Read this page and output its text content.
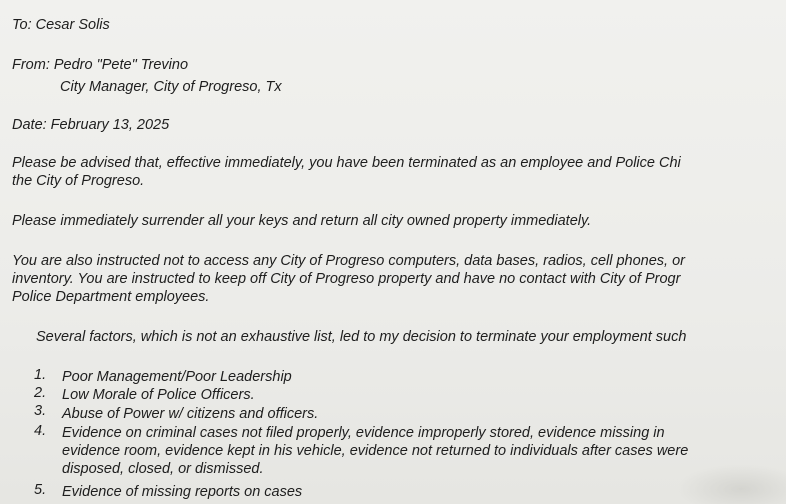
To: Cesar Solis

From: Pedro "Pete" Trevino

City Manager, City of Progreso, Tx

Date: February 13, 2025

Please be advised that, effective immediately, you have been terminated as an employee and Police Chi

the City of Progreso.

Please immediately surrender all your keys and return all city owned property immediately.

You are also instructed not to access any City of Progreso computers, data bases, radios, cell phones, or

inventory. You are instructed to keep off City of Progreso property and have no contact with City of Progr

Police Department employees.

Several factors, which is not an exhaustive list, led to my decision to terminate your employment such

1. Poor Management/Poor Leadership
2. Low Morale of Police Officers.
3. Abuse of Power w/ citizens and officers.
4. Evidence on criminal cases not filed properly, evidence improperly stored, evidence missing in
evidence room, evidence kept in his vehicle, evidence not returned to individuals after cases were
disposed, closed, or dismissed.
5. Evidence of missing reports on cases
